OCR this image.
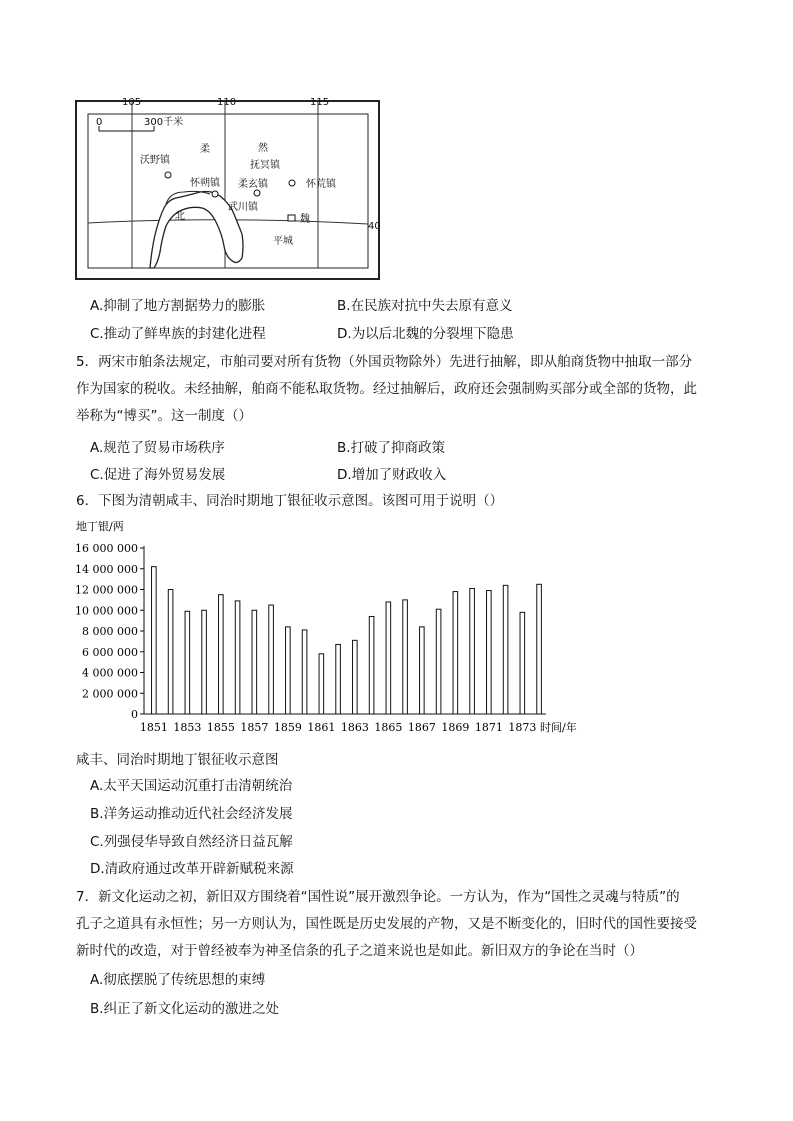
105	110	115
40
0	300千米
柔	然
北	魏
沃野镇
怀朔镇
抚冥镇
柔玄镇	怀荒镇
武川镇
平城
A.抑制了地方割据势力的膨胀	B.在民族对抗中失去原有意义
C.推动了鲜卑族的封建化进程	D.为以后北魏的分裂埋下隐患
5．两宋市舶条法规定，市舶司要对所有货物（外国贡物除外）先进行抽解，即从舶商货物中抽取一部分
作为国家的税收。未经抽解，舶商不能私取货物。经过抽解后，政府还会强制购买部分或全部的货物，此
举称为“博买”。这一制度（）
A.规范了贸易市场秩序	B.打破了抑商政策
C.促进了海外贸易发展	D.增加了财政收入
6．下图为清朝咸丰、同治时期地丁银征收示意图。该图可用于说明（）
地丁银/两
0
2 000 000
4 000 000
6 000 000
8 000 000
10 000 000
12 000 000
14 000 000
16 000 000
1851 1853 1855 1857 1859 1861 1863 1865 1867 1869 1871 1873 时间/年
咸丰、同治时期地丁银征收示意图
A.太平天国运动沉重打击清朝统治
B.洋务运动推动近代社会经济发展
C.列强侵华导致自然经济日益瓦解
D.清政府通过改革开辟新赋税来源
7．新文化运动之初，新旧双方围绕着“国性说”展开激烈争论。一方认为，作为“国性之灵魂与特质”的
孔子之道具有永恒性；另一方则认为，国性既是历史发展的产物，又是不断变化的，旧时代的国性要接受
新时代的改造，对于曾经被奉为神圣信条的孔子之道来说也是如此。新旧双方的争论在当时（）
A.彻底摆脱了传统思想的束缚
B.纠正了新文化运动的激进之处
